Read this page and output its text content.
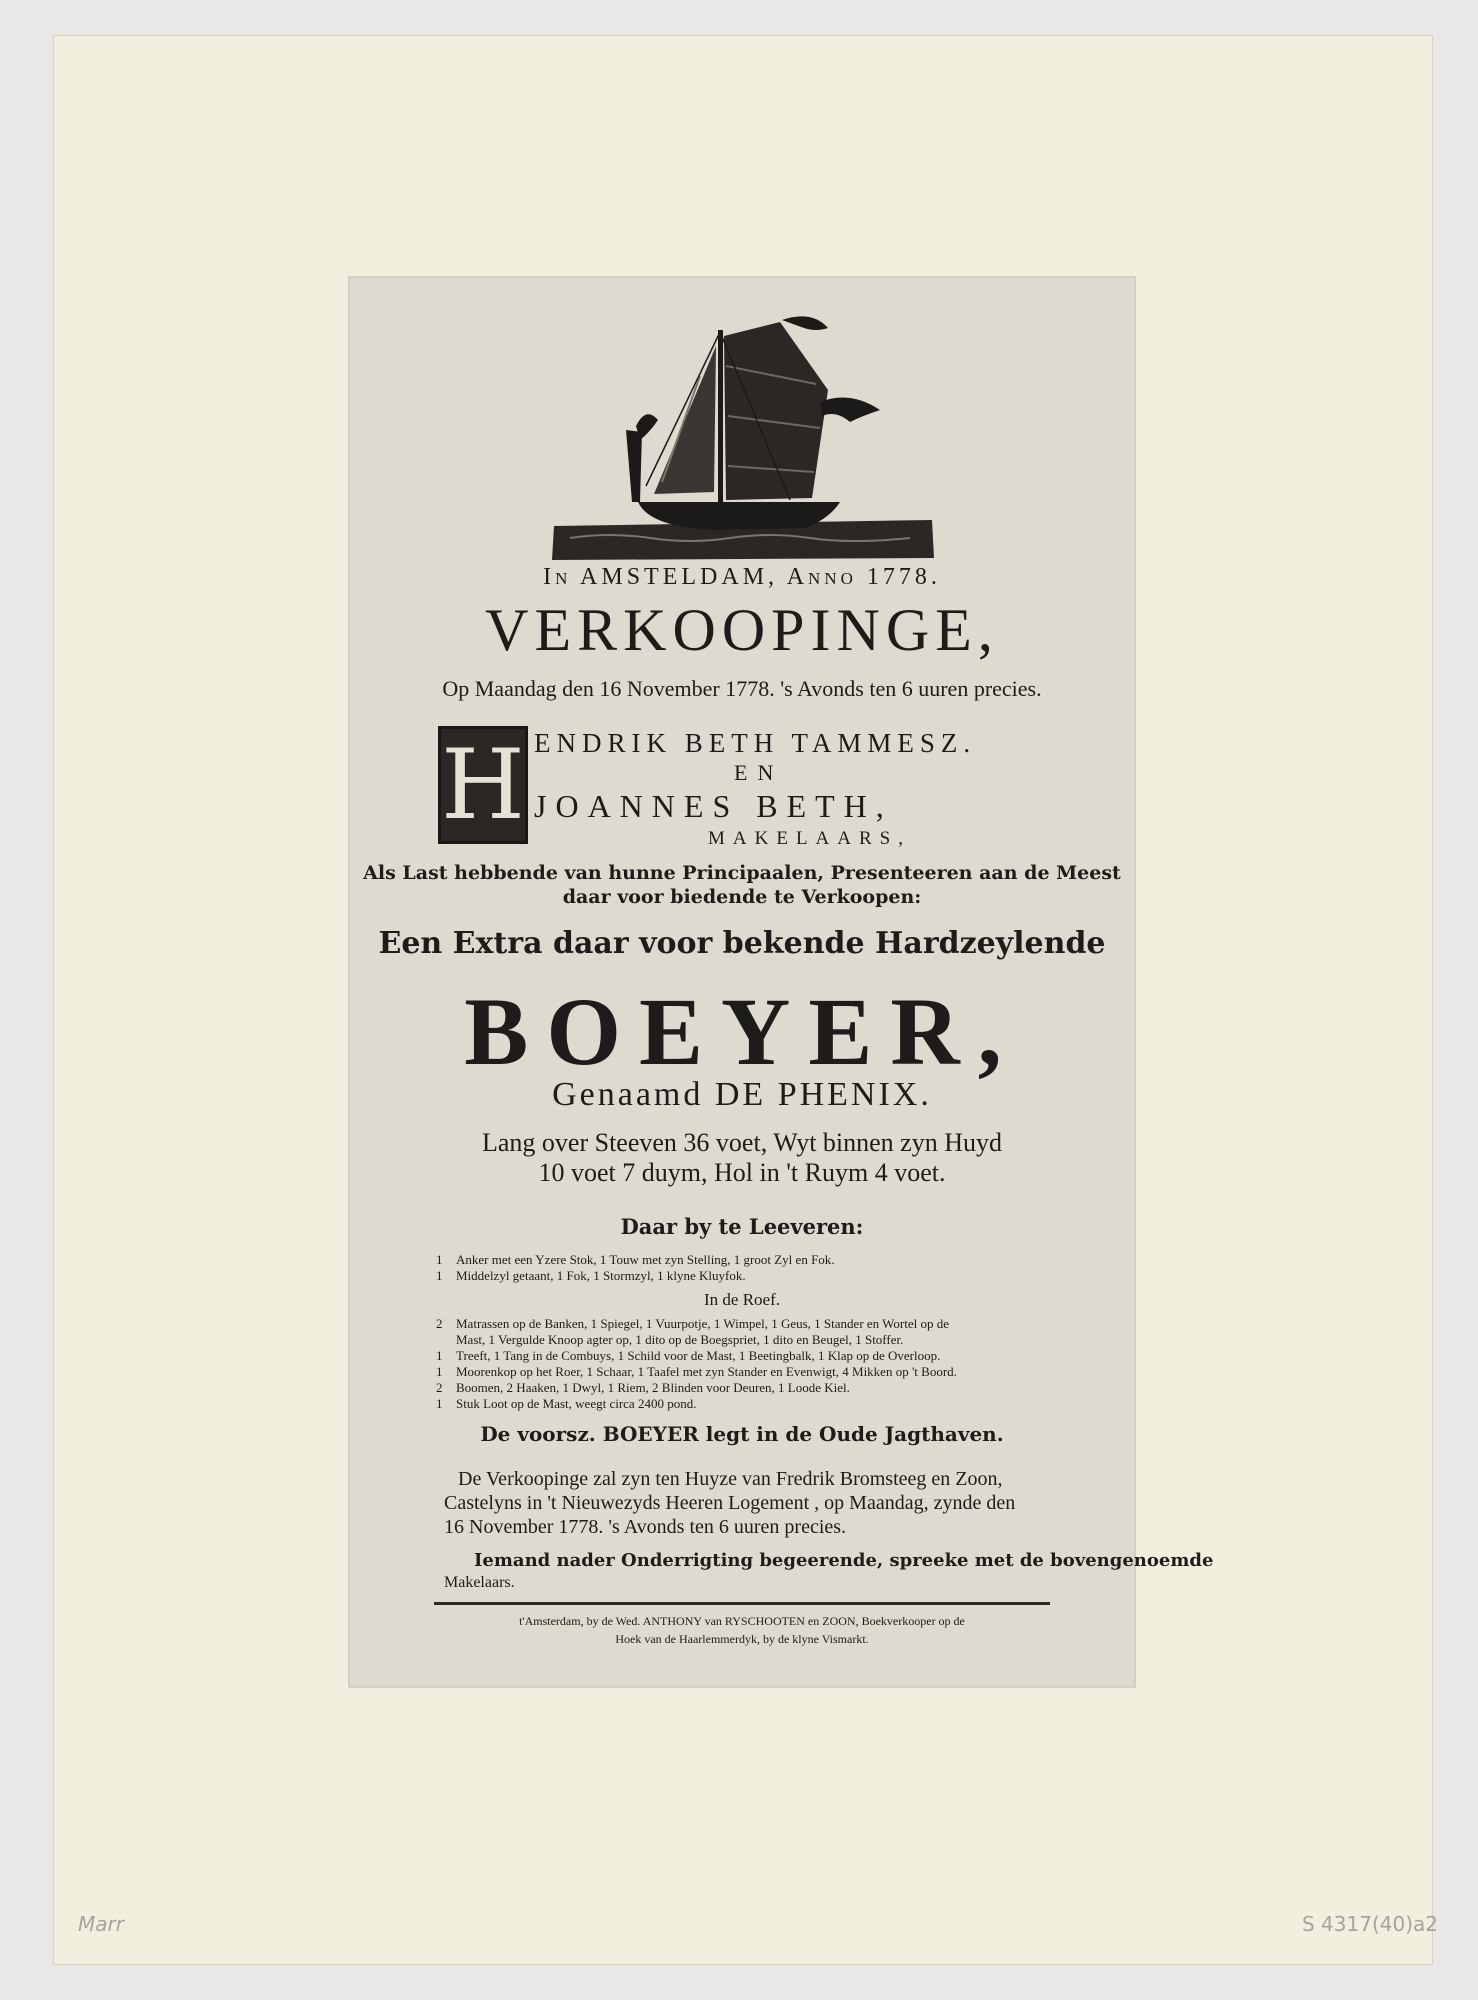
Marr	S 4317(40)a2
In AMSTELDAM, Anno 1778.
VERKOOPINGE,
Op Maandag den 16 November 1778. 's Avonds ten 6 uuren precies.
H ENDRIK BETH TAMMESZ.
EN
JOANNES BETH,
MAKELAARS,
Als Last hebbende van hunne Principaalen, Presenteeren aan de Meest
daar voor biedende te Verkoopen:
Een Extra daar voor bekende Hardzeylende
BOEYER,
Genaamd DE PHENIX.
Lang over Steeven 36 voet, Wyt binnen zyn Huyd
10 voet 7 duym, Hol in 't Ruym 4 voet.
Daar by te Leeveren:
1 Anker met een Yzere Stok, 1 Touw met zyn Stelling, 1 groot Zyl en Fok.
1 Middelzyl getaant, 1 Fok, 1 Stormzyl, 1 klyne Kluyfok.
In de Roef.
2 Matrassen op de Banken, 1 Spiegel, 1 Vuurpotje, 1 Wimpel, 1 Geus, 1 Stander en Wortel op de
Mast, 1 Vergulde Knoop agter op, 1 dito op de Boegspriet, 1 dito en Beugel, 1 Stoffer.
1 Treeft, 1 Tang in de Combuys, 1 Schild voor de Mast, 1 Beetingbalk, 1 Klap op de Overloop.
1 Moorenkop op het Roer, 1 Schaar, 1 Taafel met zyn Stander en Evenwigt, 4 Mikken op 't Boord.
2 Boomen, 2 Haaken, 1 Dwyl, 1 Riem, 2 Blinden voor Deuren, 1 Loode Kiel.
1 Stuk Loot op de Mast, weegt circa 2400 pond.
De voorsz. BOEYER legt in de Oude Jagthaven.
De Verkoopinge zal zyn ten Huyze van Fredrik Bromsteeg en Zoon,
Castelyns in 't Nieuwezyds Heeren Logement , op Maandag, zynde den
16 November 1778. 's Avonds ten 6 uuren precies.
Iemand nader Onderrigting begeerende, spreeke met de bovengenoemde
Makelaars.
t'Amsterdam, by de Wed. ANTHONY van RYSCHOOTEN en ZOON, Boekverkooper op de
Hoek van de Haarlemmerdyk, by de klyne Vismarkt.
